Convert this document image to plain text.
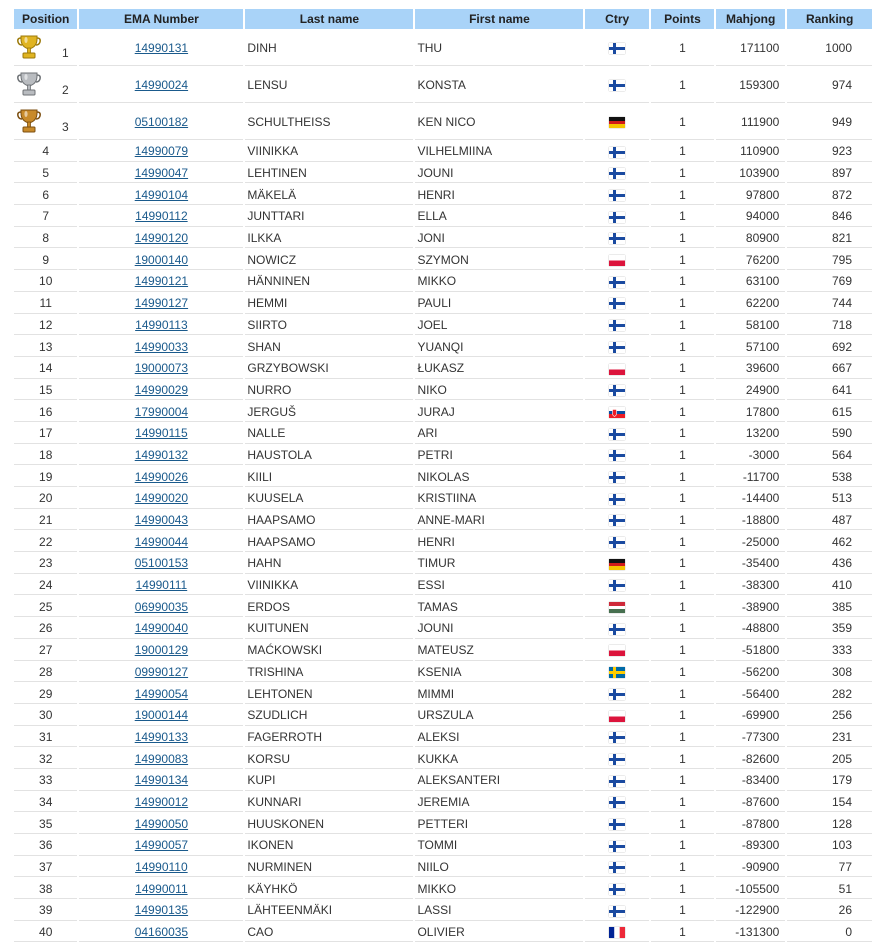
Position	EMA Number	Last name	First name	Ctry	Points	Mahjong	Ranking

1	14990131	DINH	THU		1	171100	1000

2	14990024	LENSU	KONSTA		1	159300	974

3	05100182	SCHULTHEISS	KEN NICO		1	111900	949
4	14990079	VIINIKKA	VILHELMIINA		1	110900	923
5	14990047	LEHTINEN	JOUNI		1	103900	897
6	14990104	MÄKELÄ	HENRI		1	97800	872
7	14990112	JUNTTARI	ELLA		1	94000	846
8	14990120	ILKKA	JONI		1	80900	821
9	19000140	NOWICZ	SZYMON		1	76200	795
10	14990121	HÄNNINEN	MIKKO		1	63100	769
11	14990127	HEMMI	PAULI		1	62200	744
12	14990113	SIIRTO	JOEL		1	58100	718
13	14990033	SHAN	YUANQI		1	57100	692
14	19000073	GRZYBOWSKI	ŁUKASZ		1	39600	667
15	14990029	NURRO	NIKO		1	24900	641
16	17990004	JERGUŠ	JURAJ		1	17800	615
17	14990115	NALLE	ARI		1	13200	590
18	14990132	HAUSTOLA	PETRI		1	-3000	564
19	14990026	KIILI	NIKOLAS		1	-11700	538
20	14990020	KUUSELA	KRISTIINA		1	-14400	513
21	14990043	HAAPSAMO	ANNE-MARI		1	-18800	487
22	14990044	HAAPSAMO	HENRI		1	-25000	462
23	05100153	HAHN	TIMUR		1	-35400	436
24	14990111	VIINIKKA	ESSI		1	-38300	410
25	06990035	ERDOS	TAMAS		1	-38900	385
26	14990040	KUITUNEN	JOUNI		1	-48800	359
27	19000129	MAĆKOWSKI	MATEUSZ		1	-51800	333
28	09990127	TRISHINA	KSENIA		1	-56200	308
29	14990054	LEHTONEN	MIMMI		1	-56400	282
30	19000144	SZUDLICH	URSZULA		1	-69900	256
31	14990133	FAGERROTH	ALEKSI		1	-77300	231
32	14990083	KORSU	KUKKA		1	-82600	205
33	14990134	KUPI	ALEKSANTERI		1	-83400	179
34	14990012	KUNNARI	JEREMIA		1	-87600	154
35	14990050	HUUSKONEN	PETTERI		1	-87800	128
36	14990057	IKONEN	TOMMI		1	-89300	103
37	14990110	NURMINEN	NIILO		1	-90900	77
38	14990011	KÄYHKÖ	MIKKO		1	-105500	51
39	14990135	LÄHTEENMÄKI	LASSI		1	-122900	26
40	04160035	CAO	OLIVIER		1	-131300	0
